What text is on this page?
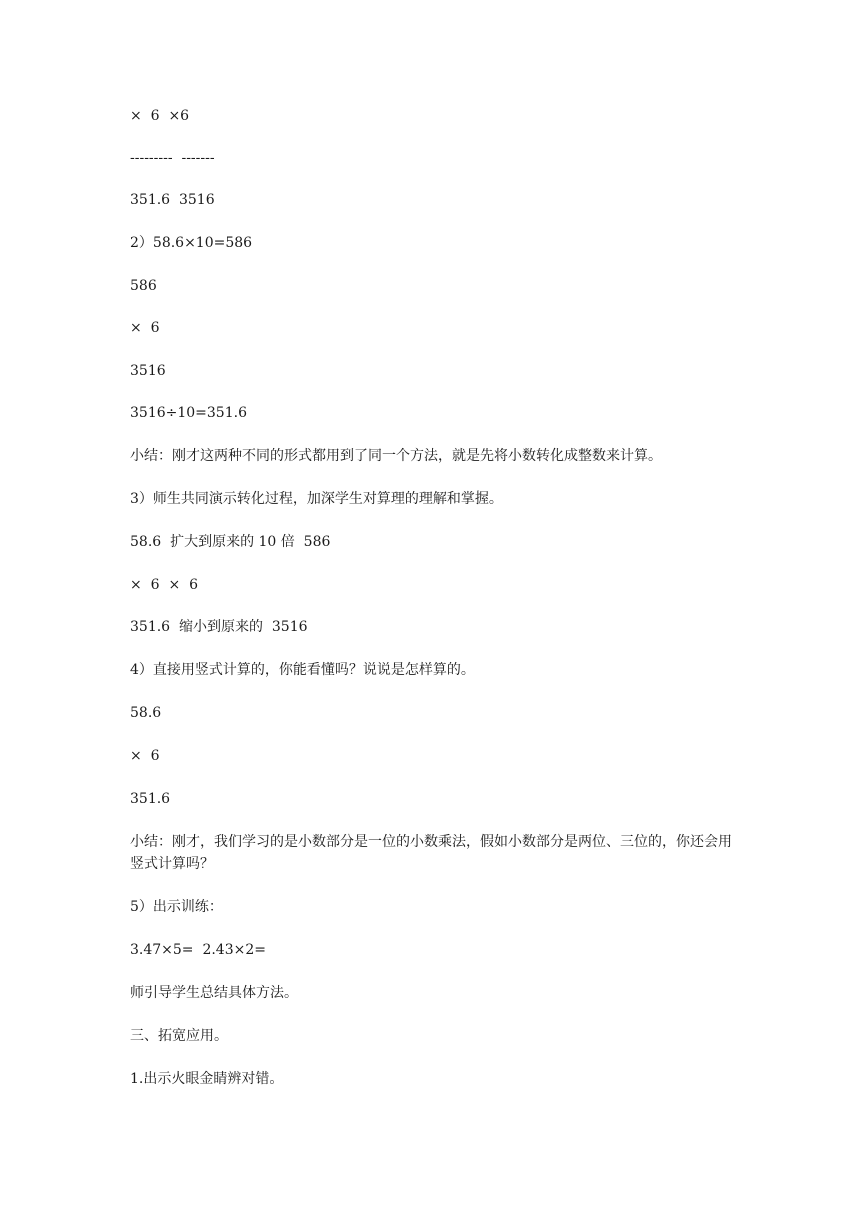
×  6  ×6
---------  -------
351.6  3516
2）58.6×10=586
586
×  6
3516
3516÷10=351.6
小结：刚才这两种不同的形式都用到了同一个方法，就是先将小数转化成整数来计算。
3）师生共同演示转化过程，加深学生对算理的理解和掌握。
58.6  扩大到原来的 10 倍  586
×  6  ×  6
351.6  缩小到原来的  3516
4）直接用竖式计算的，你能看懂吗？说说是怎样算的。
58.6
×  6
351.6
小结：刚才，我们学习的是小数部分是一位的小数乘法，假如小数部分是两位、三位的，你还会用竖式计算吗？
5）出示训练：
3.47×5=  2.43×2=
师引导学生总结具体方法。
三、拓宽应用。
1.出示火眼金睛辨对错。
